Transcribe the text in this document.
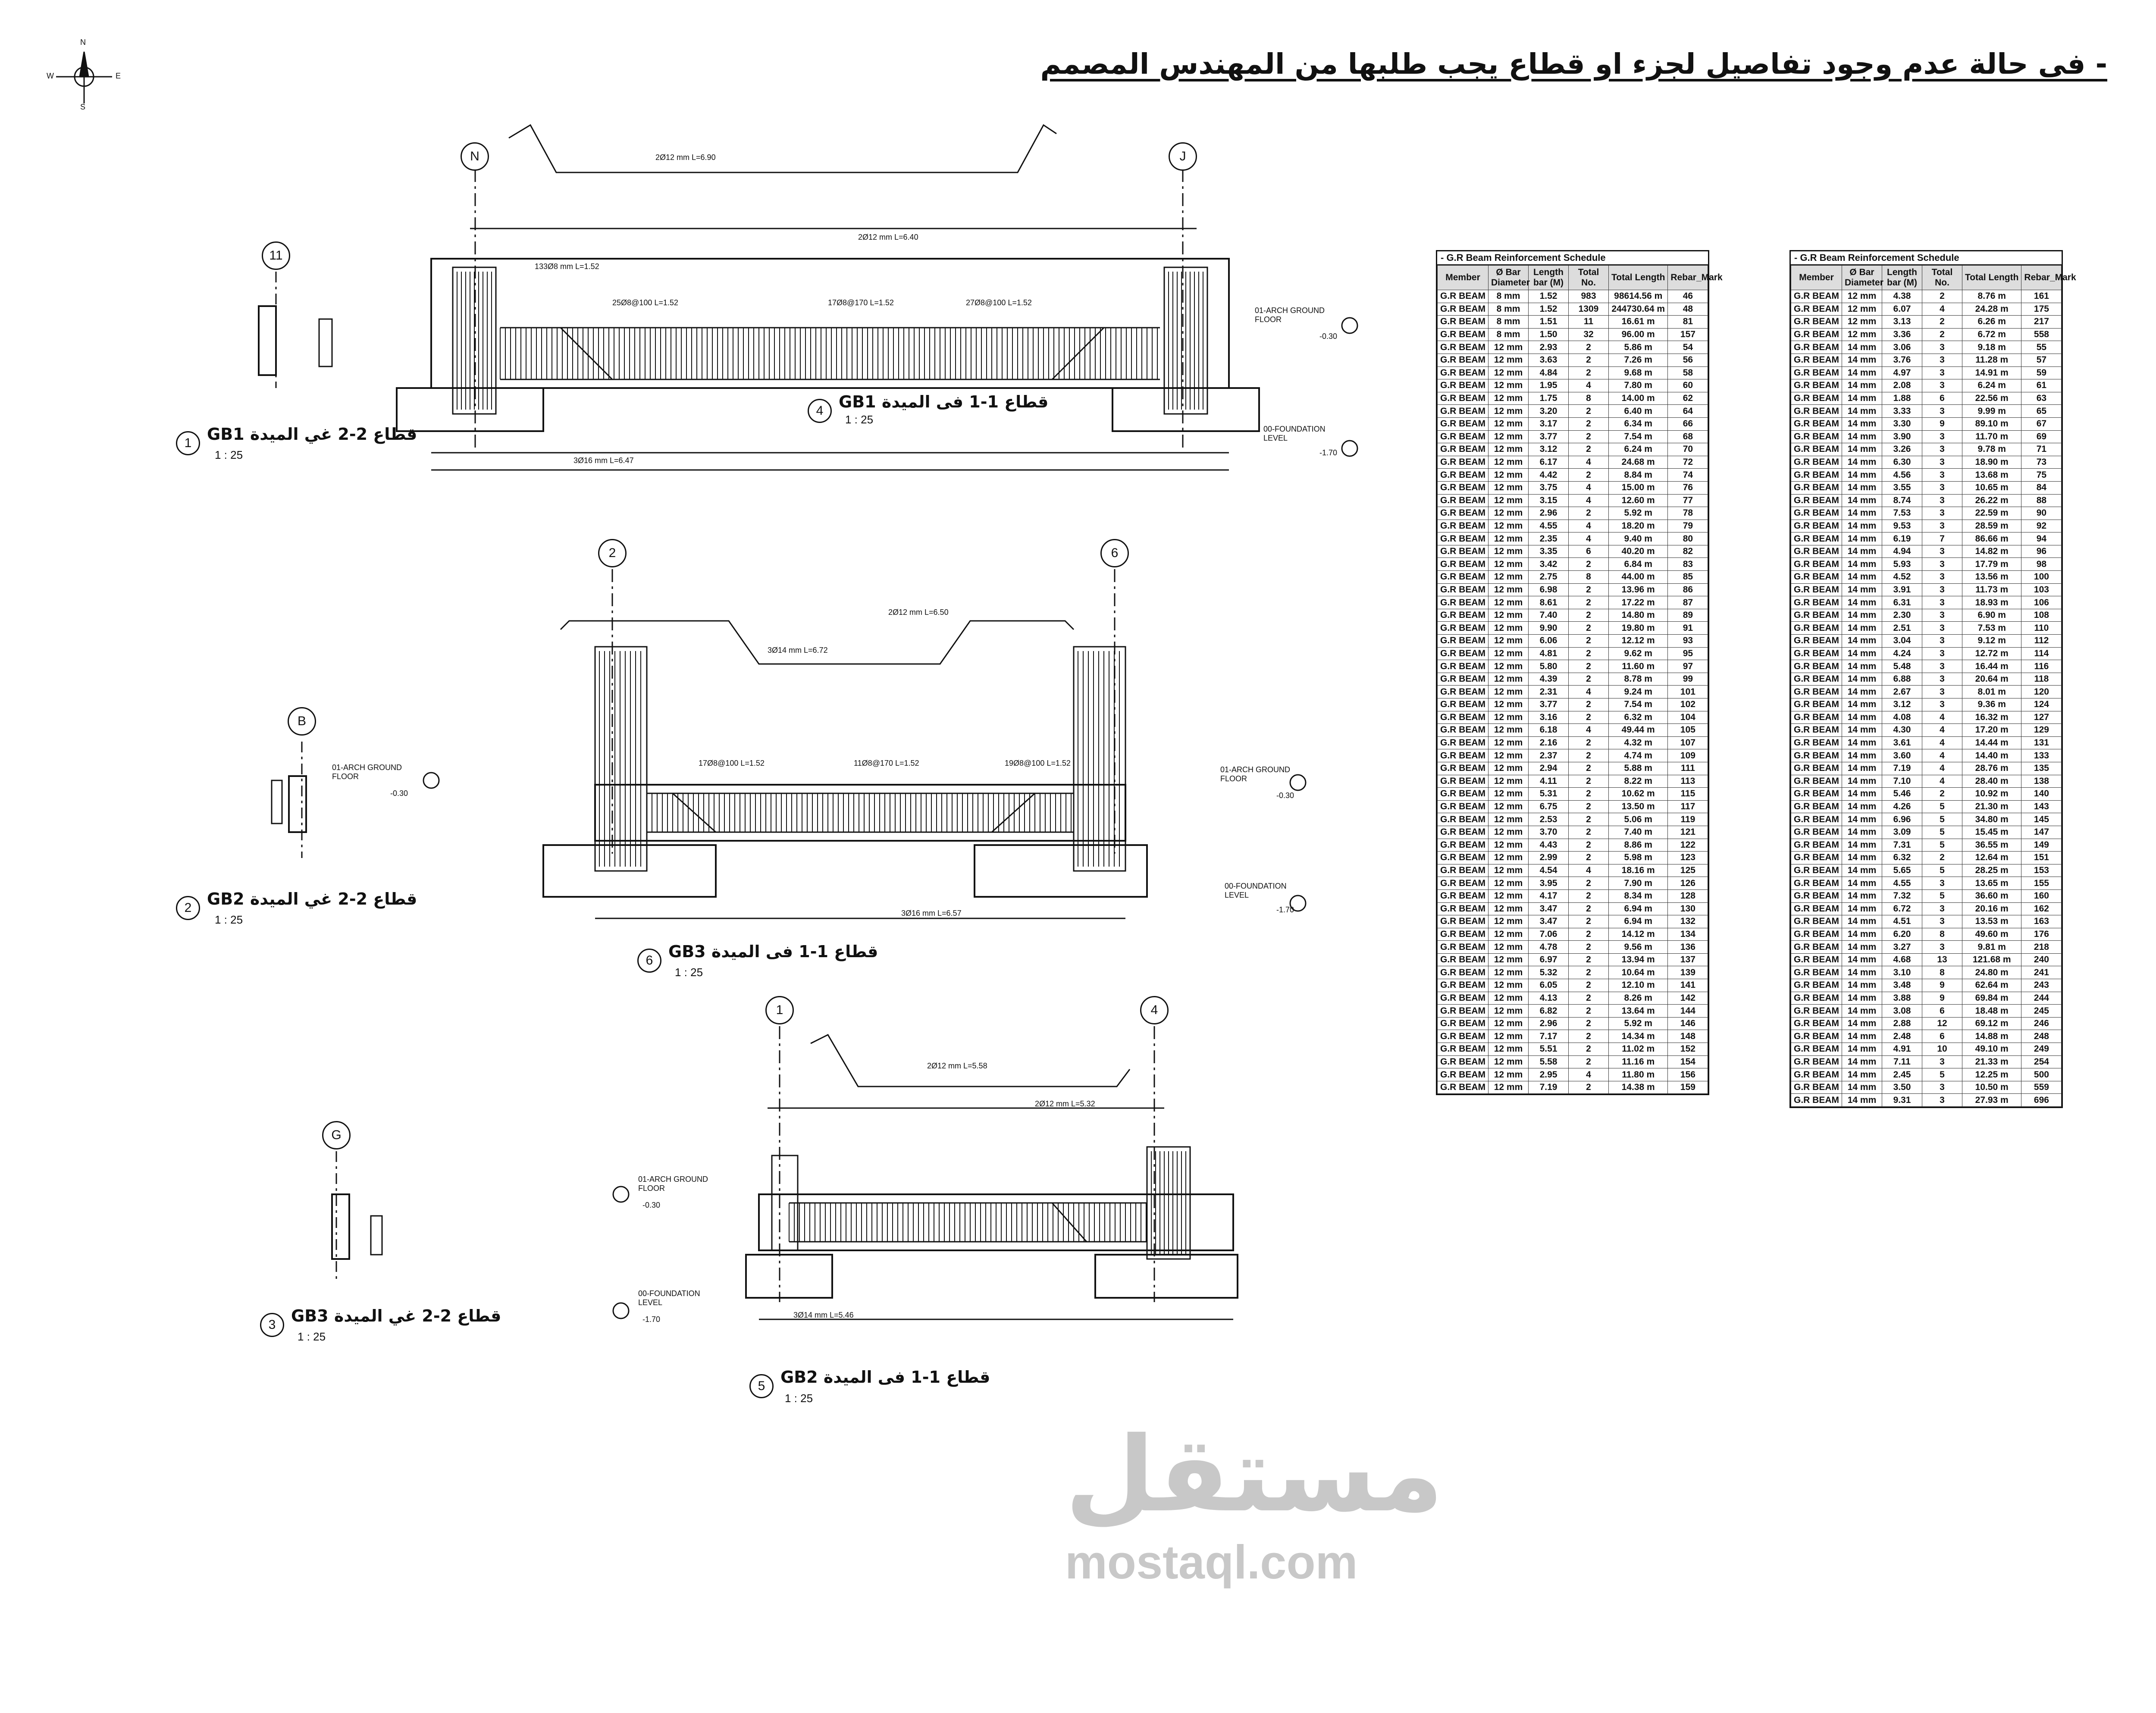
N
S
E
W	- فى حالة عدم وجود تفاصيل لجزء او قطاع يجب طلبها من المهندس المصمم
N	J
11
2	6
B
1	4
G
2Ø12 mm L=6.90
2Ø12 mm L=6.40
133Ø8 mm L=1.52
25Ø8@100 L=1.52	17Ø8@170 L=1.52	27Ø8@100 L=1.52
3Ø16 mm L=6.47
2Ø12 mm L=6.50
3Ø14 mm L=6.72
17Ø8@100 L=1.52	11Ø8@170 L=1.52	19Ø8@100 L=1.52
3Ø16 mm L=6.57
2Ø12 mm L=5.58
2Ø12 mm L=5.32
3Ø14 mm L=5.46
01-ARCH GROUND FLOOR
-0.30
00-FOUNDATION LEVEL
-1.70
01-ARCH GROUND FLOOR
-0.30
01-ARCH GROUND FLOOR
-0.30
00-FOUNDATION LEVEL
-1.70
01-ARCH GROUND FLOOR
-0.30
00-FOUNDATION LEVEL
-1.70
1 GB1 قطاع 2-2 غي الميدة
1 : 25
4 GB1 قطاع 1-1 فى الميدة
1 : 25
2 GB2 قطاع 2-2 غي الميدة
1 : 25
6 GB3 قطاع 1-1 فى الميدة
1 : 25
3 GB3 قطاع 2-2 غي الميدة
1 : 25
5 GB2 قطاع 1-1 فى الميدة
1 : 25
- G.R Beam Reinforcement Schedule
Member	Ø Bar Diameter	Length bar (M)	Total No.	Total Length	Rebar_Mark
G.R BEAM	8 mm	1.52	983	98614.56 m	46
G.R BEAM	8 mm	1.52	1309	244730.64 m	48
G.R BEAM	8 mm	1.51	11	16.61 m	81
G.R BEAM	8 mm	1.50	32	96.00 m	157
G.R BEAM	12 mm	2.93	2	5.86 m	54
G.R BEAM	12 mm	3.63	2	7.26 m	56
G.R BEAM	12 mm	4.84	2	9.68 m	58
G.R BEAM	12 mm	1.95	4	7.80 m	60
G.R BEAM	12 mm	1.75	8	14.00 m	62
G.R BEAM	12 mm	3.20	2	6.40 m	64
G.R BEAM	12 mm	3.17	2	6.34 m	66
G.R BEAM	12 mm	3.77	2	7.54 m	68
G.R BEAM	12 mm	3.12	2	6.24 m	70
G.R BEAM	12 mm	6.17	4	24.68 m	72
G.R BEAM	12 mm	4.42	2	8.84 m	74
G.R BEAM	12 mm	3.75	4	15.00 m	76
G.R BEAM	12 mm	3.15	4	12.60 m	77
G.R BEAM	12 mm	2.96	2	5.92 m	78
G.R BEAM	12 mm	4.55	4	18.20 m	79
G.R BEAM	12 mm	2.35	4	9.40 m	80
G.R BEAM	12 mm	3.35	6	40.20 m	82
G.R BEAM	12 mm	3.42	2	6.84 m	83
G.R BEAM	12 mm	2.75	8	44.00 m	85
G.R BEAM	12 mm	6.98	2	13.96 m	86
G.R BEAM	12 mm	8.61	2	17.22 m	87
G.R BEAM	12 mm	7.40	2	14.80 m	89
G.R BEAM	12 mm	9.90	2	19.80 m	91
G.R BEAM	12 mm	6.06	2	12.12 m	93
G.R BEAM	12 mm	4.81	2	9.62 m	95
G.R BEAM	12 mm	5.80	2	11.60 m	97
G.R BEAM	12 mm	4.39	2	8.78 m	99
G.R BEAM	12 mm	2.31	4	9.24 m	101
G.R BEAM	12 mm	3.77	2	7.54 m	102
G.R BEAM	12 mm	3.16	2	6.32 m	104
G.R BEAM	12 mm	6.18	4	49.44 m	105
G.R BEAM	12 mm	2.16	2	4.32 m	107
G.R BEAM	12 mm	2.37	2	4.74 m	109
G.R BEAM	12 mm	2.94	2	5.88 m	111
G.R BEAM	12 mm	4.11	2	8.22 m	113
G.R BEAM	12 mm	5.31	2	10.62 m	115
G.R BEAM	12 mm	6.75	2	13.50 m	117
G.R BEAM	12 mm	2.53	2	5.06 m	119
G.R BEAM	12 mm	3.70	2	7.40 m	121
G.R BEAM	12 mm	4.43	2	8.86 m	122
G.R BEAM	12 mm	2.99	2	5.98 m	123
G.R BEAM	12 mm	4.54	4	18.16 m	125
G.R BEAM	12 mm	3.95	2	7.90 m	126
G.R BEAM	12 mm	4.17	2	8.34 m	128
G.R BEAM	12 mm	3.47	2	6.94 m	130
G.R BEAM	12 mm	3.47	2	6.94 m	132
G.R BEAM	12 mm	7.06	2	14.12 m	134
G.R BEAM	12 mm	4.78	2	9.56 m	136
G.R BEAM	12 mm	6.97	2	13.94 m	137
G.R BEAM	12 mm	5.32	2	10.64 m	139
G.R BEAM	12 mm	6.05	2	12.10 m	141
G.R BEAM	12 mm	4.13	2	8.26 m	142
G.R BEAM	12 mm	6.82	2	13.64 m	144
G.R BEAM	12 mm	2.96	2	5.92 m	146
G.R BEAM	12 mm	7.17	2	14.34 m	148
G.R BEAM	12 mm	5.51	2	11.02 m	152
G.R BEAM	12 mm	5.58	2	11.16 m	154
G.R BEAM	12 mm	2.95	4	11.80 m	156
G.R BEAM	12 mm	7.19	2	14.38 m	159
- G.R Beam Reinforcement Schedule
Member	Ø Bar Diameter	Length bar (M)	Total No.	Total Length	Rebar_Mark
G.R BEAM	12 mm	4.38	2	8.76 m	161
G.R BEAM	12 mm	6.07	4	24.28 m	175
G.R BEAM	12 mm	3.13	2	6.26 m	217
G.R BEAM	12 mm	3.36	2	6.72 m	558
G.R BEAM	14 mm	3.06	3	9.18 m	55
G.R BEAM	14 mm	3.76	3	11.28 m	57
G.R BEAM	14 mm	4.97	3	14.91 m	59
G.R BEAM	14 mm	2.08	3	6.24 m	61
G.R BEAM	14 mm	1.88	6	22.56 m	63
G.R BEAM	14 mm	3.33	3	9.99 m	65
G.R BEAM	14 mm	3.30	9	89.10 m	67
G.R BEAM	14 mm	3.90	3	11.70 m	69
G.R BEAM	14 mm	3.26	3	9.78 m	71
G.R BEAM	14 mm	6.30	3	18.90 m	73
G.R BEAM	14 mm	4.56	3	13.68 m	75
G.R BEAM	14 mm	3.55	3	10.65 m	84
G.R BEAM	14 mm	8.74	3	26.22 m	88
G.R BEAM	14 mm	7.53	3	22.59 m	90
G.R BEAM	14 mm	9.53	3	28.59 m	92
G.R BEAM	14 mm	6.19	7	86.66 m	94
G.R BEAM	14 mm	4.94	3	14.82 m	96
G.R BEAM	14 mm	5.93	3	17.79 m	98
G.R BEAM	14 mm	4.52	3	13.56 m	100
G.R BEAM	14 mm	3.91	3	11.73 m	103
G.R BEAM	14 mm	6.31	3	18.93 m	106
G.R BEAM	14 mm	2.30	3	6.90 m	108
G.R BEAM	14 mm	2.51	3	7.53 m	110
G.R BEAM	14 mm	3.04	3	9.12 m	112
G.R BEAM	14 mm	4.24	3	12.72 m	114
G.R BEAM	14 mm	5.48	3	16.44 m	116
G.R BEAM	14 mm	6.88	3	20.64 m	118
G.R BEAM	14 mm	2.67	3	8.01 m	120
G.R BEAM	14 mm	3.12	3	9.36 m	124
G.R BEAM	14 mm	4.08	4	16.32 m	127
G.R BEAM	14 mm	4.30	4	17.20 m	129
G.R BEAM	14 mm	3.61	4	14.44 m	131
G.R BEAM	14 mm	3.60	4	14.40 m	133
G.R BEAM	14 mm	7.19	4	28.76 m	135
G.R BEAM	14 mm	7.10	4	28.40 m	138
G.R BEAM	14 mm	5.46	2	10.92 m	140
G.R BEAM	14 mm	4.26	5	21.30 m	143
G.R BEAM	14 mm	6.96	5	34.80 m	145
G.R BEAM	14 mm	3.09	5	15.45 m	147
G.R BEAM	14 mm	7.31	5	36.55 m	149
G.R BEAM	14 mm	6.32	2	12.64 m	151
G.R BEAM	14 mm	5.65	5	28.25 m	153
G.R BEAM	14 mm	4.55	3	13.65 m	155
G.R BEAM	14 mm	7.32	5	36.60 m	160
G.R BEAM	14 mm	6.72	3	20.16 m	162
G.R BEAM	14 mm	4.51	3	13.53 m	163
G.R BEAM	14 mm	6.20	8	49.60 m	176
G.R BEAM	14 mm	3.27	3	9.81 m	218
G.R BEAM	14 mm	4.68	13	121.68 m	240
G.R BEAM	14 mm	3.10	8	24.80 m	241
G.R BEAM	14 mm	3.48	9	62.64 m	243
G.R BEAM	14 mm	3.88	9	69.84 m	244
G.R BEAM	14 mm	3.08	6	18.48 m	245
G.R BEAM	14 mm	2.88	12	69.12 m	246
G.R BEAM	14 mm	2.48	6	14.88 m	248
G.R BEAM	14 mm	4.91	10	49.10 m	249
G.R BEAM	14 mm	7.11	3	21.33 m	254
G.R BEAM	14 mm	2.45	5	12.25 m	500
G.R BEAM	14 mm	3.50	3	10.50 m	559
G.R BEAM	14 mm	9.31	3	27.93 m	696
مستقل
mostaql.com
